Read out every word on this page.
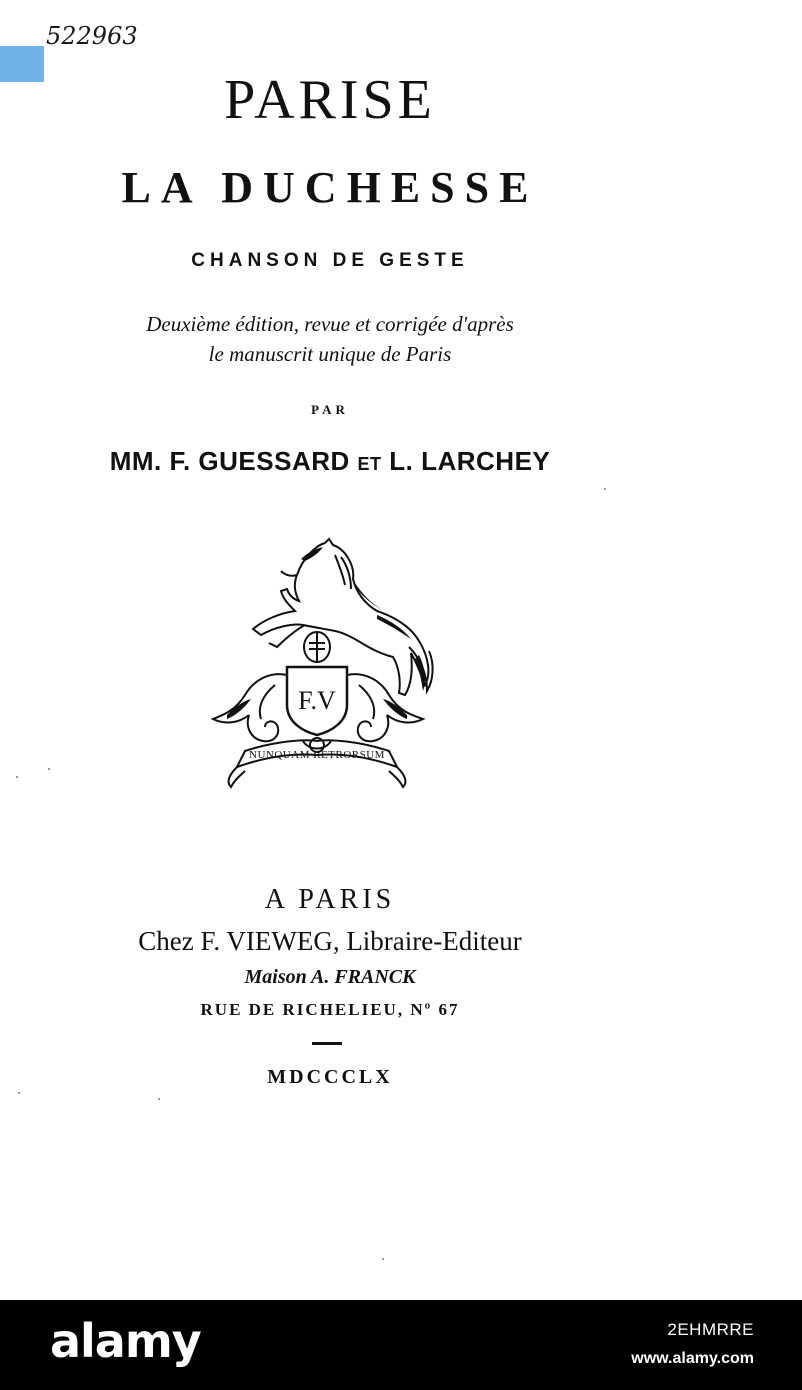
522963
PARISE
LA DUCHESSE
CHANSON DE GESTE
Deuxième édition, revue et corrigée d'après
le manuscrit unique de Paris
PAR
MM. F. GUESSARD ET L. LARCHEY
F.V
NUNQUAM RETRORSUM
A PARIS
Chez F. VIEWEG, Libraire-Editeur
Maison A. FRANCK
RUE DE RICHELIEU, Nº 67
MDCCCLX
alamy	2EHMRRE
www.alamy.com
